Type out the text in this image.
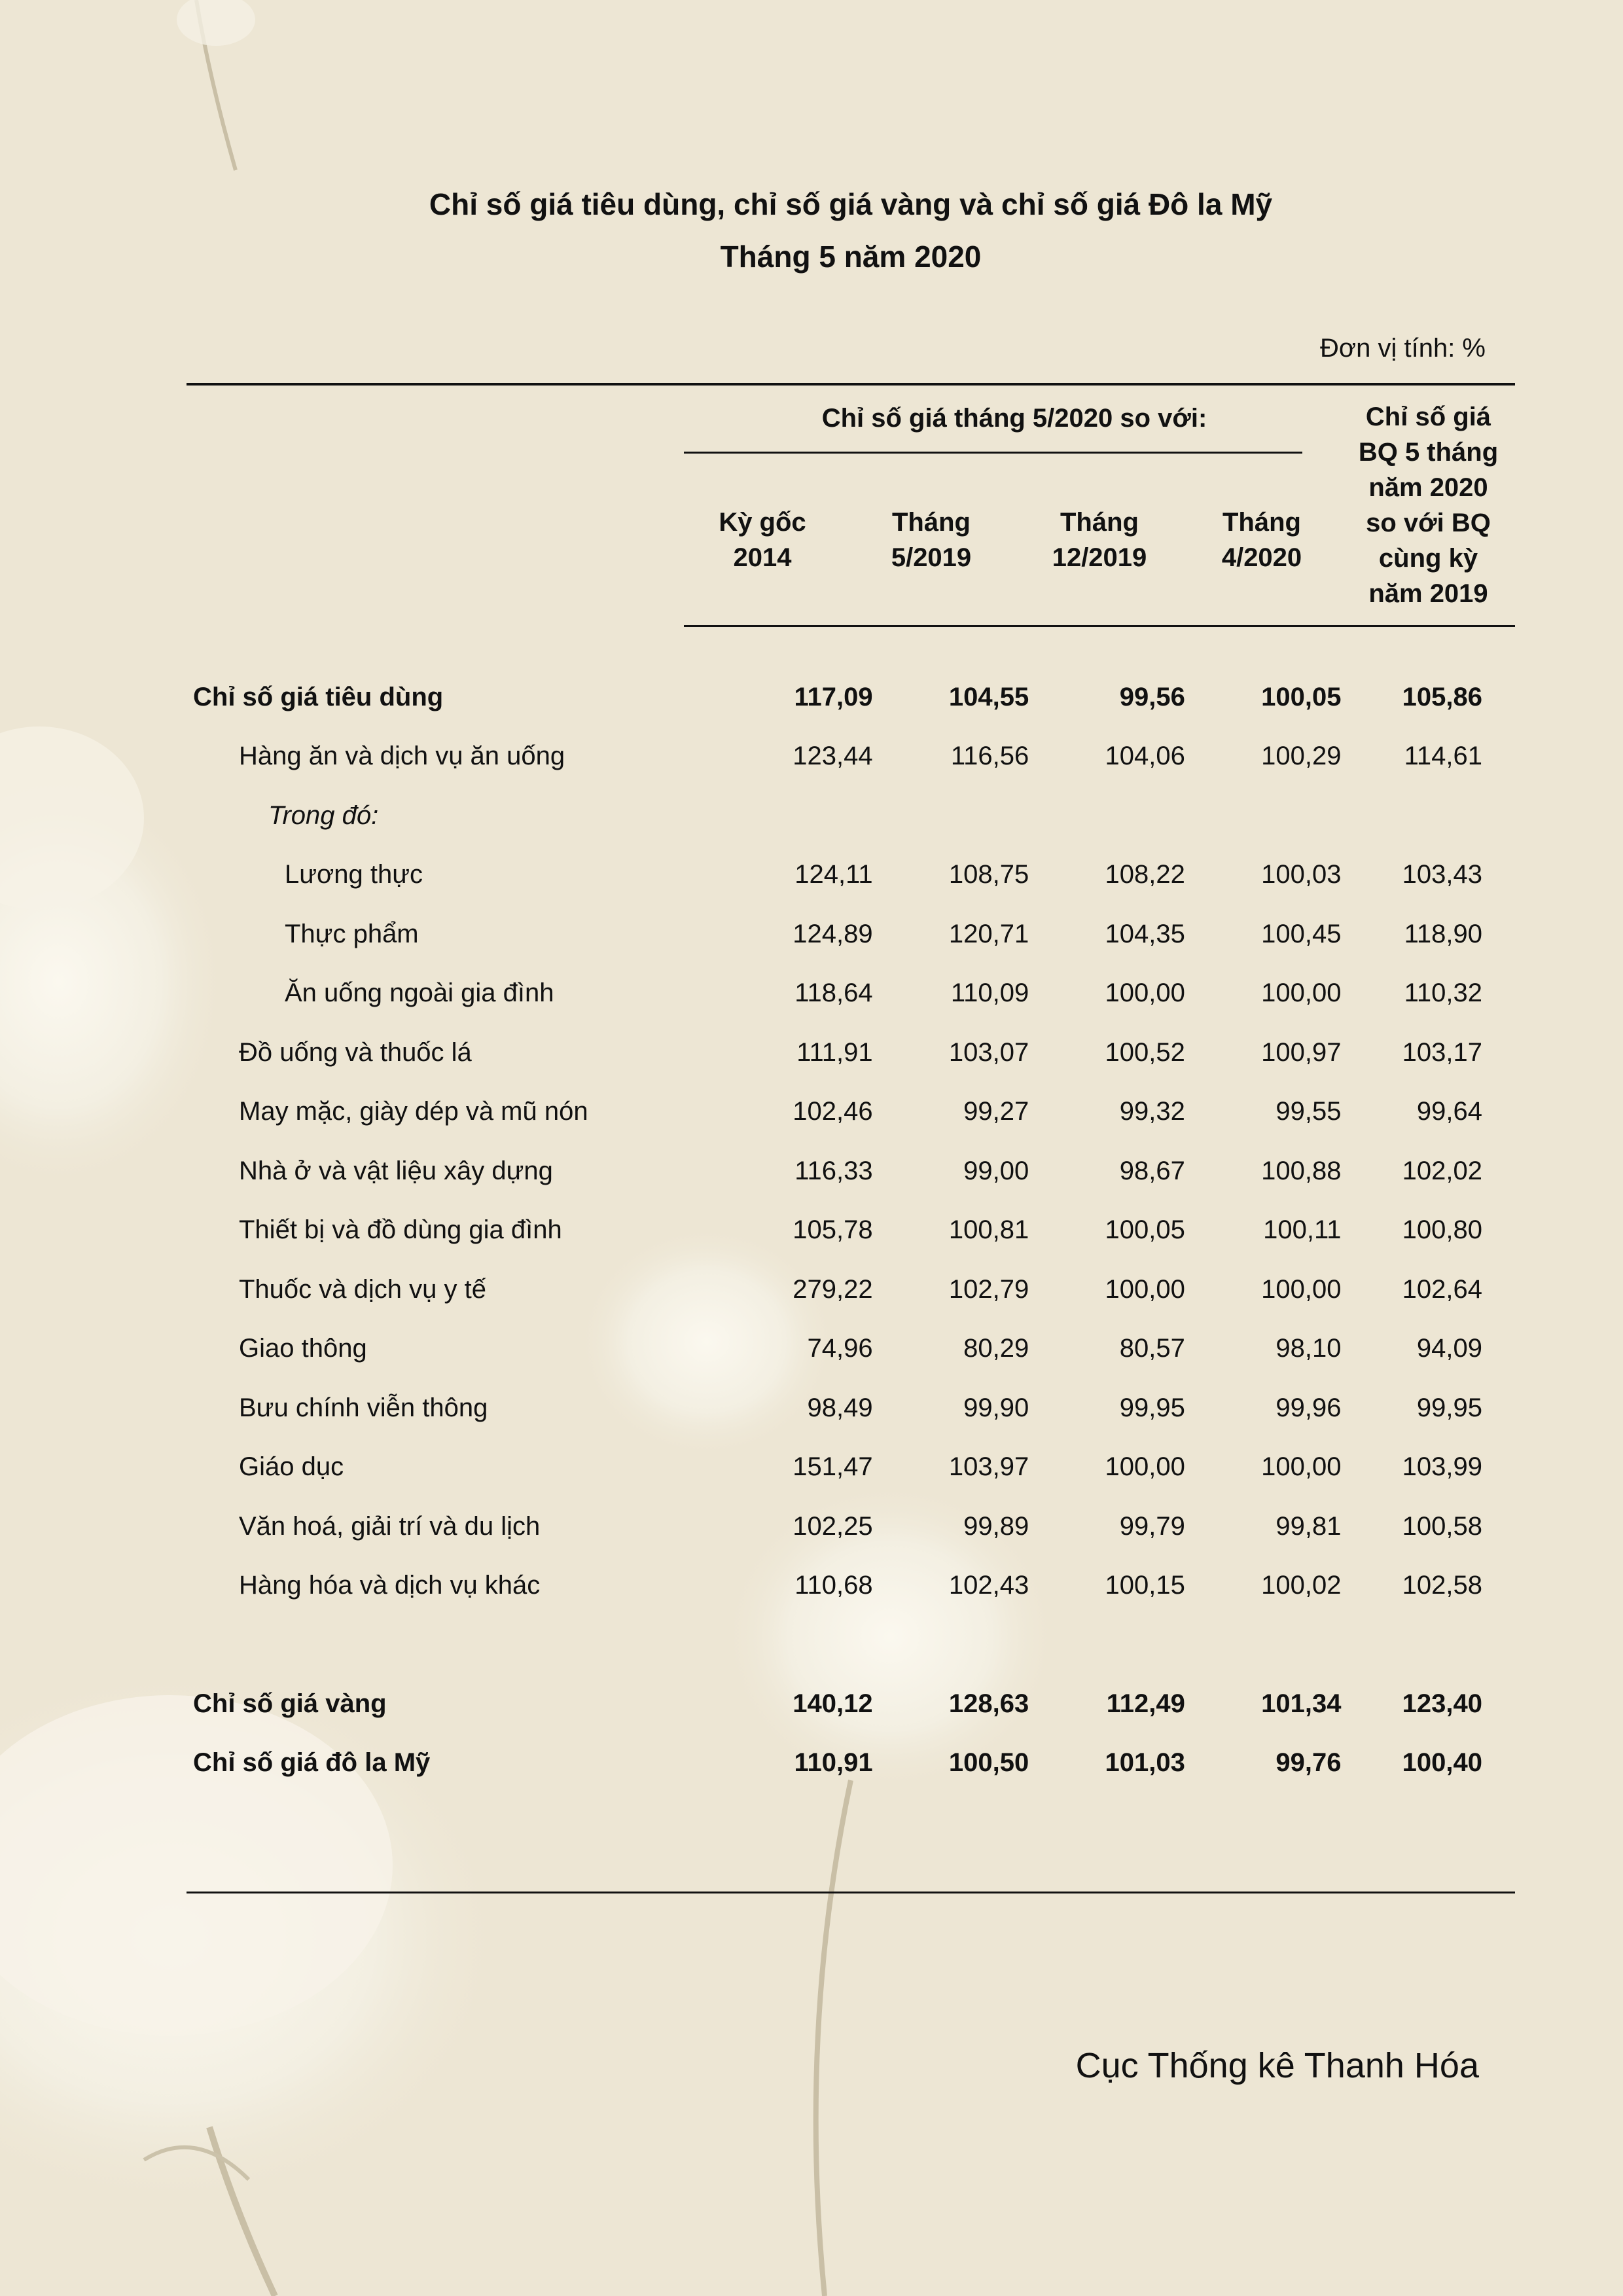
Chỉ số giá tiêu dùng, chỉ số giá vàng và chỉ số giá Đô la Mỹ
Tháng 5 năm 2020
Đơn vị tính: %
Chỉ số giá tháng 5/2020 so với:
Kỳ gốc
2014
Tháng
5/2019
Tháng
12/2019
Tháng
4/2020
Chỉ số giá
BQ 5 tháng
năm 2020
so với BQ
cùng kỳ
năm 2019
Chỉ số giá tiêu dùng	117,09	104,55	99,56	100,05	105,86
Hàng ăn và dịch vụ ăn uống	123,44	116,56	104,06	100,29	114,61
Trong đó:					
Lương thực	124,11	108,75	108,22	100,03	103,43
Thực phẩm	124,89	120,71	104,35	100,45	118,90
Ăn uống ngoài gia đình	118,64	110,09	100,00	100,00	110,32
Đồ uống và thuốc lá	111,91	103,07	100,52	100,97	103,17
May mặc, giày dép và mũ nón	102,46	99,27	99,32	99,55	99,64
Nhà ở và vật liệu xây dựng	116,33	99,00	98,67	100,88	102,02
Thiết bị và đồ dùng gia đình	105,78	100,81	100,05	100,11	100,80
Thuốc và dịch vụ y tế	279,22	102,79	100,00	100,00	102,64
Giao thông	74,96	80,29	80,57	98,10	94,09
Bưu chính viễn thông	98,49	99,90	99,95	99,96	99,95
Giáo dục	151,47	103,97	100,00	100,00	103,99
Văn hoá, giải trí và du lịch	102,25	99,89	99,79	99,81	100,58
Hàng hóa và dịch vụ khác	110,68	102,43	100,15	100,02	102,58

Chỉ số giá vàng	140,12	128,63	112,49	101,34	123,40
Chỉ số giá đô la Mỹ	110,91	100,50	101,03	99,76	100,40
Cục Thống kê Thanh Hóa
